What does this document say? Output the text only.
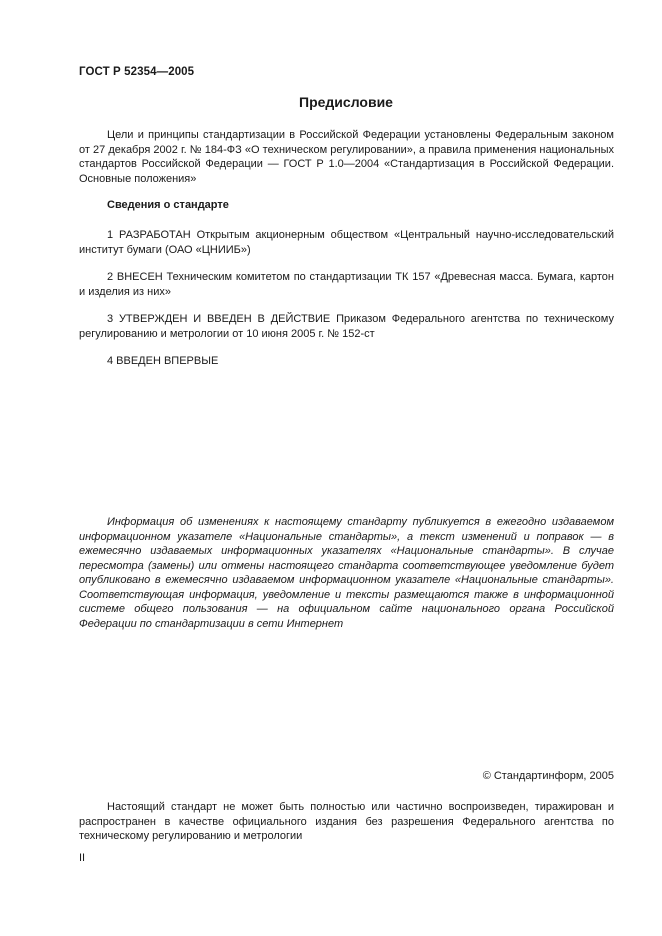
ГОСТ Р 52354—2005
Предисловие
Цели и принципы стандартизации в Российской Федерации установлены Федеральным законом от 27 декабря 2002 г. № 184-ФЗ «О техническом регулировании», а правила применения национальных стандартов Российской Федерации — ГОСТ Р 1.0—2004 «Стандартизация в Российской Федерации. Основные положения»
Сведения о стандарте
1 РАЗРАБОТАН Открытым акционерным обществом «Центральный научно-исследовательский институт бумаги (ОАО «ЦНИИБ»)
2 ВНЕСЕН Техническим комитетом по стандартизации ТК 157 «Древесная масса. Бумага, картон и изделия из них»
3 УТВЕРЖДЕН И ВВЕДЕН В ДЕЙСТВИЕ Приказом Федерального агентства по техническому регулированию и метрологии от 10 июня 2005 г. № 152-ст
4 ВВЕДЕН ВПЕРВЫЕ
Информация об изменениях к настоящему стандарту публикуется в ежегодно издаваемом информационном указателе «Национальные стандарты», а текст изменений и поправок — в ежемесячно издаваемых информационных указателях «Национальные стандарты». В случае пересмотра (замены) или отмены настоящего стандарта соответствующее уведомление будет опубликовано в ежемесячно издаваемом информационном указателе «Национальные стандарты». Соответствующая информация, уведомление и тексты размещаются также в информационной системе общего пользования — на официальном сайте национального органа Российской Федерации по стандартизации в сети Интернет
© Стандартинформ, 2005
Настоящий стандарт не может быть полностью или частично воспроизведен, тиражирован и распространен в качестве официального издания без разрешения Федерального агентства по техническому регулированию и метрологии
II
